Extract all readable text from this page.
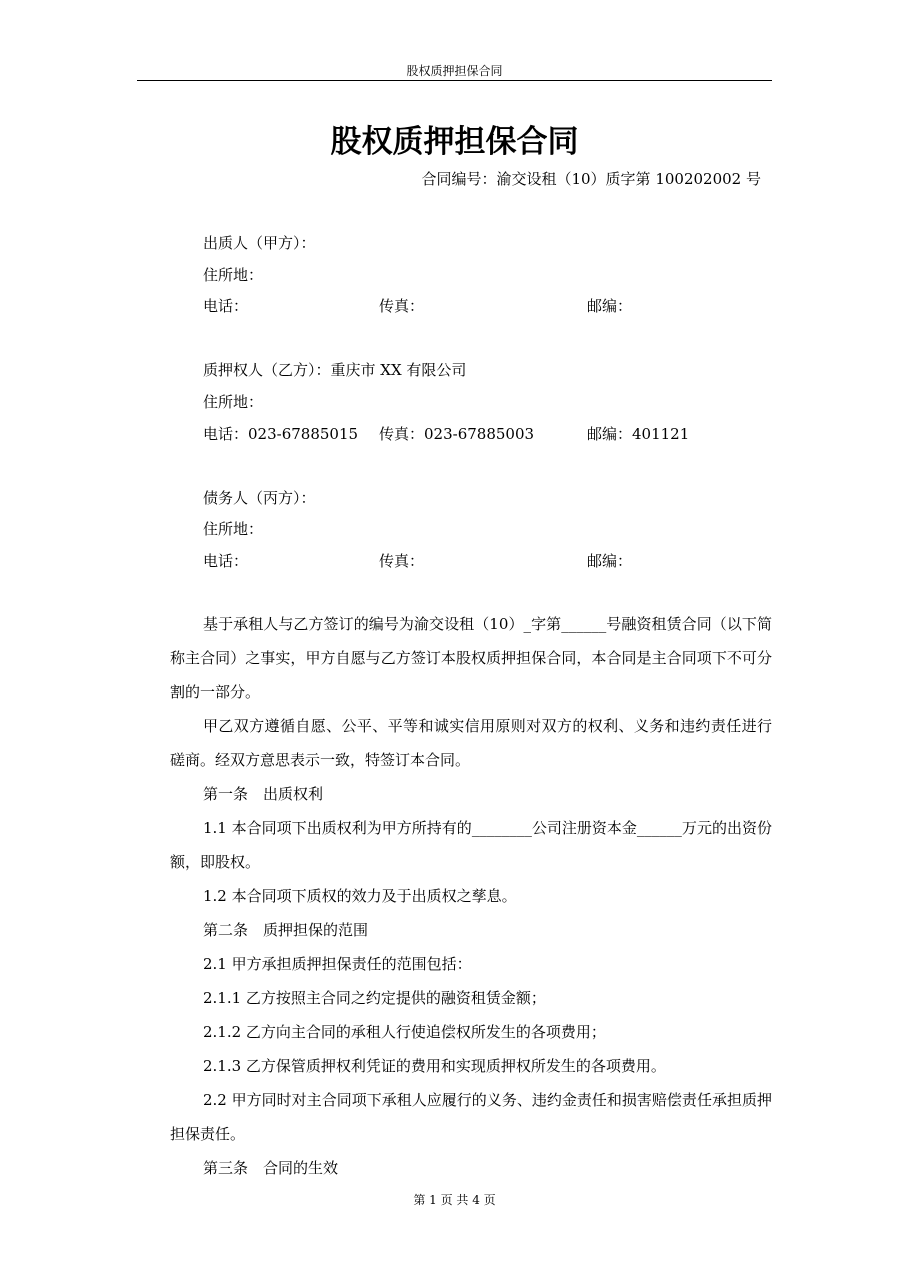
股权质押担保合同
股权质押担保合同
合同编号：渝交设租（10）质字第 100202002 号
出质人（甲方）：
住所地：
电话：	传真：	邮编：
质押权人（乙方）：重庆市 XX 有限公司
住所地：
电话：023-67885015 传真：023-67885003	邮编：401121
债务人（丙方）：
住所地：
电话：	传真：	邮编：

基于承租人与乙方签订的编号为渝交设租（10）_字第______号融资租赁合同（以下简称主合同）之事实，甲方自愿与乙方签订本股权质押担保合同，本合同是主合同项下不可分割的一部分。

甲乙双方遵循自愿、公平、平等和诚实信用原则对双方的权利、义务和违约责任进行磋商。经双方意思表示一致，特签订本合同。

第一条　出质权利

1.1 本合同项下出质权利为甲方所持有的________公司注册资本金______万元的出资份额，即股权。

1.2 本合同项下质权的效力及于出质权之孳息。

第二条　质押担保的范围

2.1 甲方承担质押担保责任的范围包括：

2.1.1 乙方按照主合同之约定提供的融资租赁金额；

2.1.2 乙方向主合同的承租人行使追偿权所发生的各项费用；

2.1.3 乙方保管质押权利凭证的费用和实现质押权所发生的各项费用。

2.2 甲方同时对主合同项下承租人应履行的义务、违约金责任和损害赔偿责任承担质押担保责任。

第三条　合同的生效

第 1 页 共 4 页
